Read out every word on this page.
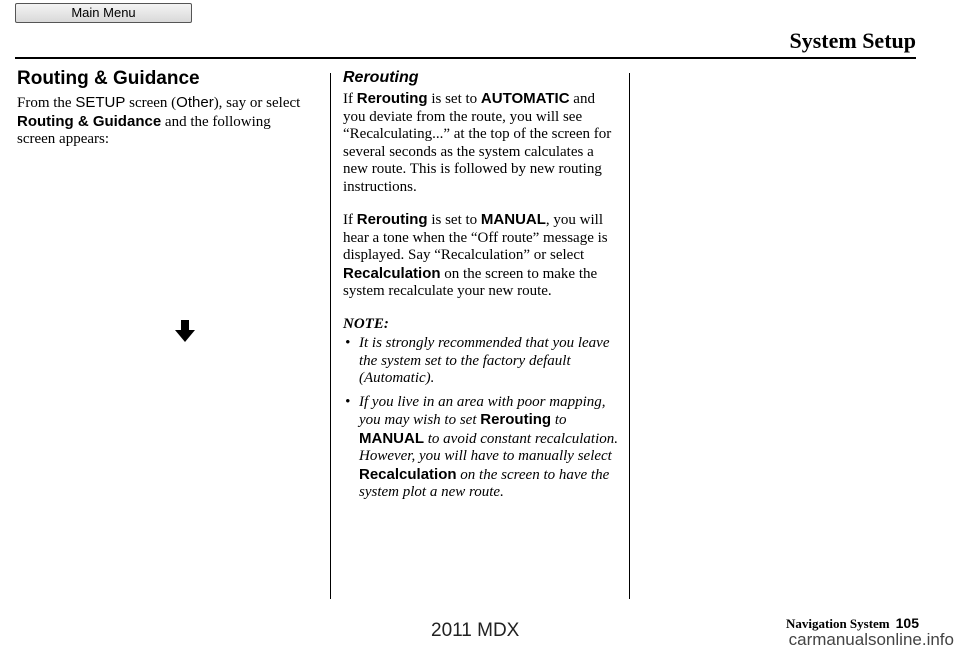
Main Menu
System Setup
Routing & Guidance

From the SETUP screen (Other), say or select Routing & Guidance and the following screen appears:

Rerouting

If Rerouting is set to AUTOMATIC and you deviate from the route, you will see “Recalculating...” at the top of the screen for several seconds as the system calculates a new route. This is followed by new routing instructions.

If Rerouting is set to MANUAL, you will hear a tone when the “Off route” message is displayed. Say “Recalculation” or select Recalculation on the screen to make the system recalculate your new route.

NOTE:

• It is strongly recommended that you leave the system set to the factory default (Automatic).
• If you live in an area with poor mapping, you may wish to set Rerouting to MANUAL to avoid constant recalculation. However, you will have to manually select Recalculation on the screen to have the system plot a new route.
Navigation System 105
2011 MDX	carmanualsonline.info
